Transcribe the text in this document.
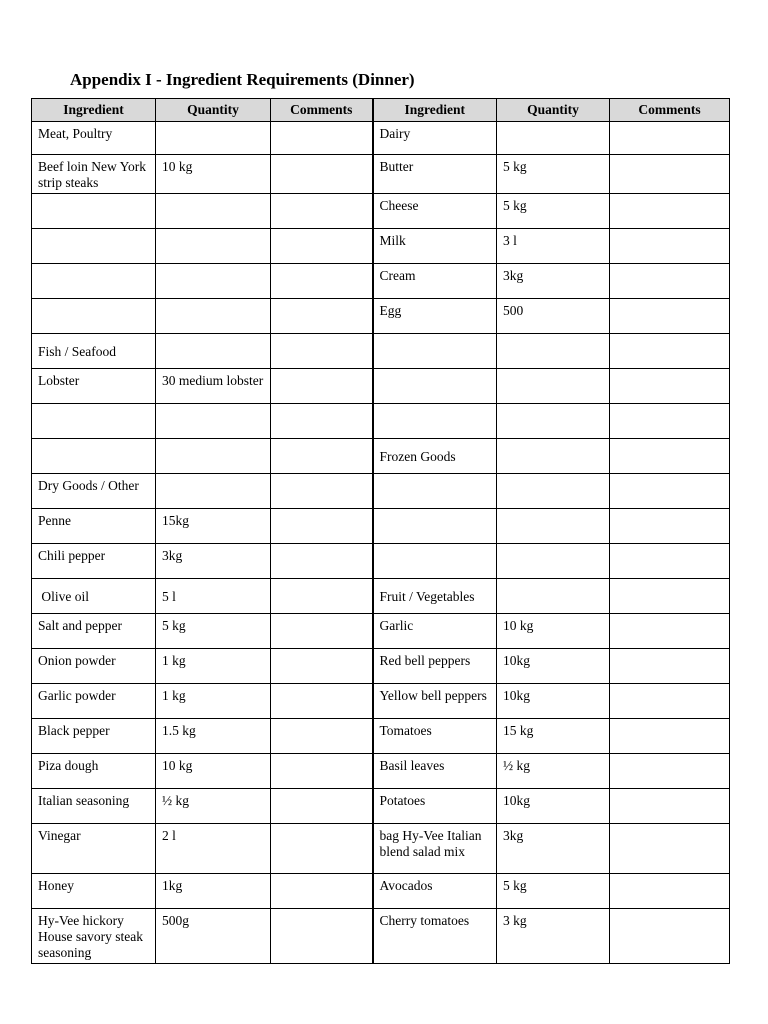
Appendix I - Ingredient Requirements (Dinner)
Ingredient	Quantity	Comments	Ingredient	Quantity	Comments
Meat, Poultry			Dairy		
Beef loin New York strip steaks	10 kg		Butter	5 kg	
			Cheese	5 kg	
			Milk	3 l	
			Cream	3kg	
			Egg	500	
Fish / Seafood					
Lobster	30 medium lobster				

			Frozen Goods		
Dry Goods / Other					
Penne	15kg				
Chili pepper	3kg				
Olive oil	5 l		Fruit / Vegetables		
Salt and pepper	5 kg		Garlic	10 kg	
Onion powder	1 kg		Red bell peppers	10kg	
Garlic powder	1 kg		Yellow bell peppers	10kg	
Black pepper	1.5 kg		Tomatoes	15 kg	
Piza dough	10 kg		Basil leaves	½ kg	
Italian seasoning	½ kg		Potatoes	10kg	
Vinegar	2 l		bag Hy-Vee Italian blend salad mix	3kg	
Honey	1kg		Avocados	5 kg	
Hy-Vee hickory House savory steak seasoning	500g		Cherry tomatoes	3 kg	
